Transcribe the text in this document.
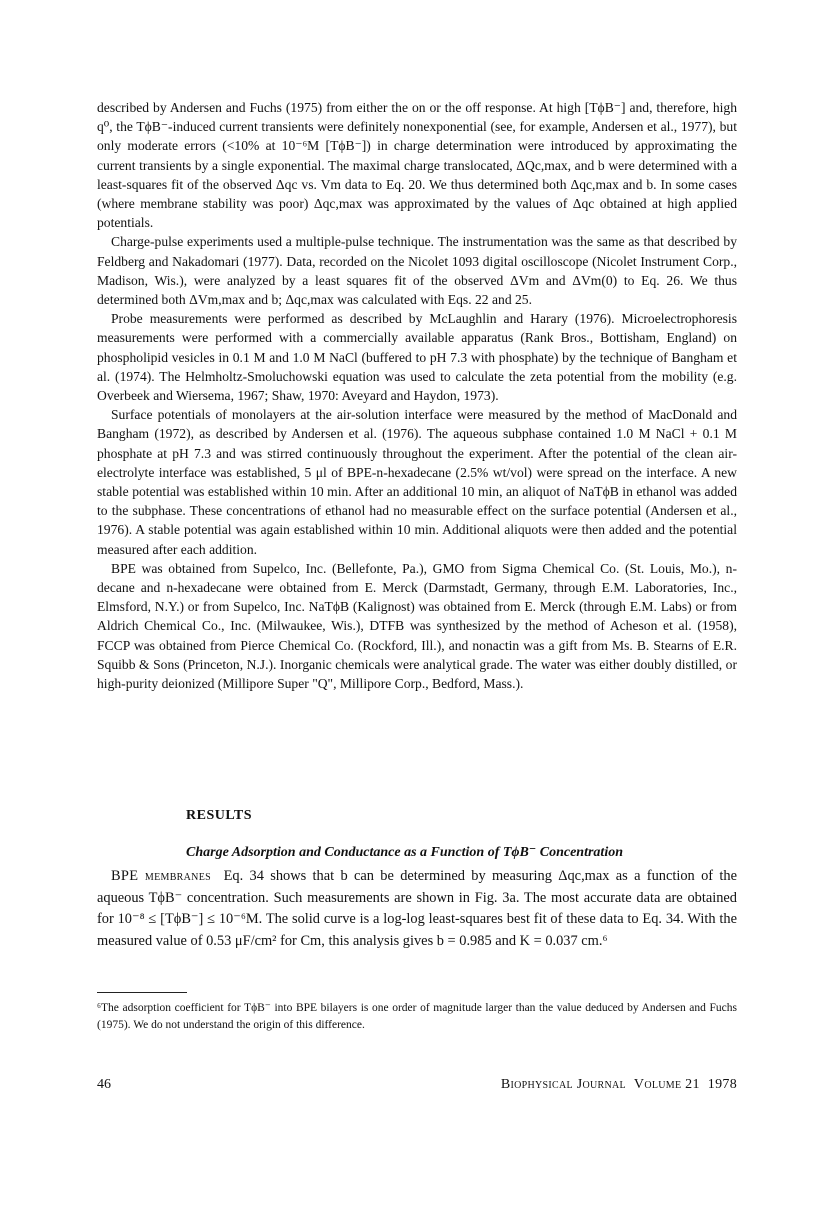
described by Andersen and Fuchs (1975) from either the on or the off response. At high [TϕB⁻] and, therefore, high q⁰, the TϕB⁻-induced current transients were definitely nonexponential (see, for example, Andersen et al., 1977), but only moderate errors (<10% at 10⁻⁶M [TϕB⁻]) in charge determination were introduced by approximating the current transients by a single exponential. The maximal charge translocated, ΔQc,max, and b were determined with a least-squares fit of the observed Δqc vs. Vm data to Eq. 20. We thus determined both Δqc,max and b. In some cases (where membrane stability was poor) Δqc,max was approximated by the values of Δqc obtained at high applied potentials.

Charge-pulse experiments used a multiple-pulse technique. The instrumentation was the same as that described by Feldberg and Nakadomari (1977). Data, recorded on the Nicolet 1093 digital oscilloscope (Nicolet Instrument Corp., Madison, Wis.), were analyzed by a least squares fit of the observed ΔVm and ΔVm(0) to Eq. 26. We thus determined both ΔVm,max and b; Δqc,max was calculated with Eqs. 22 and 25.

Probe measurements were performed as described by McLaughlin and Harary (1976). Microelectrophoresis measurements were performed with a commercially available apparatus (Rank Bros., Bottisham, England) on phospholipid vesicles in 0.1 M and 1.0 M NaCl (buffered to pH 7.3 with phosphate) by the technique of Bangham et al. (1974). The Helmholtz-Smoluchowski equation was used to calculate the zeta potential from the mobility (e.g. Overbeek and Wiersema, 1967; Shaw, 1970: Aveyard and Haydon, 1973).

Surface potentials of monolayers at the air-solution interface were measured by the method of MacDonald and Bangham (1972), as described by Andersen et al. (1976). The aqueous subphase contained 1.0 M NaCl + 0.1 M phosphate at pH 7.3 and was stirred continuously throughout the experiment. After the potential of the clean air-electrolyte interface was established, 5 μl of BPE-n-hexadecane (2.5% wt/vol) were spread on the interface. A new stable potential was established within 10 min. After an additional 10 min, an aliquot of NaTϕB in ethanol was added to the subphase. These concentrations of ethanol had no measurable effect on the surface potential (Andersen et al., 1976). A stable potential was again established within 10 min. Additional aliquots were then added and the potential measured after each addition.

BPE was obtained from Supelco, Inc. (Bellefonte, Pa.), GMO from Sigma Chemical Co. (St. Louis, Mo.), n-decane and n-hexadecane were obtained from E. Merck (Darmstadt, Germany, through E.M. Laboratories, Inc., Elmsford, N.Y.) or from Supelco, Inc. NaTϕB (Kalignost) was obtained from E. Merck (through E.M. Labs) or from Aldrich Chemical Co., Inc. (Milwaukee, Wis.), DTFB was synthesized by the method of Acheson et al. (1958), FCCP was obtained from Pierce Chemical Co. (Rockford, Ill.), and nonactin was a gift from Ms. B. Stearns of E.R. Squibb & Sons (Princeton, N.J.). Inorganic chemicals were analytical grade. The water was either doubly distilled, or high-purity deionized (Millipore Super "Q", Millipore Corp., Bedford, Mass.).

RESULTS
Charge Adsorption and Conductance as a Function of TϕB⁻ Concentration

BPE membranes Eq. 34 shows that b can be determined by measuring Δqc,max as a function of the aqueous TϕB⁻ concentration. Such measurements are shown in Fig. 3a. The most accurate data are obtained for 10⁻⁸ ≤ [TϕB⁻] ≤ 10⁻⁶M. The solid curve is a log-log least-squares best fit of these data to Eq. 34. With the measured value of 0.53 μF/cm² for Cm, this analysis gives b = 0.985 and K = 0.037 cm.⁶

⁶The adsorption coefficient for TϕB⁻ into BPE bilayers is one order of magnitude larger than the value deduced by Andersen and Fuchs (1975). We do not understand the origin of this difference.

46	Biophysical Journal Volume 21 1978
